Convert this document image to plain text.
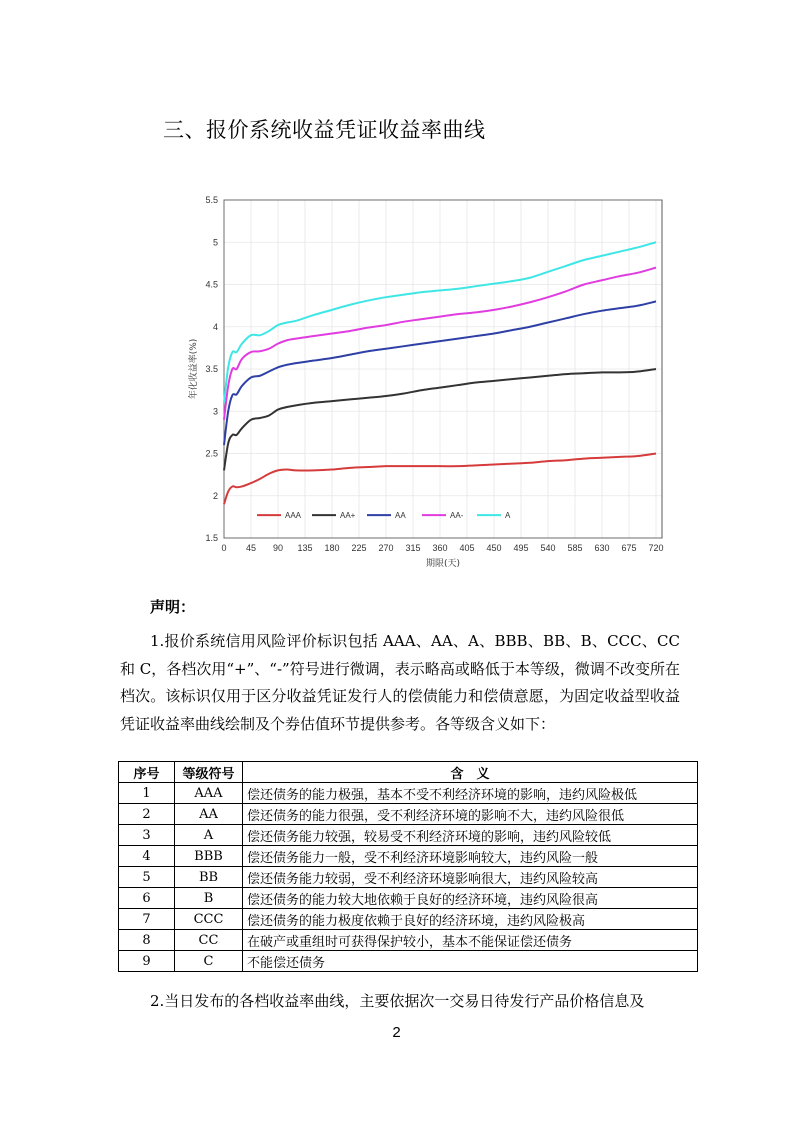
三、报价系统收益凭证收益率曲线
1.5
2
2.5
3
3.5
4
4.5
5
5.5
0 45 90 135 180 225 270 315 360 405 450 495 540 585 630 675 720
期限(天)
年化收益率(%)
AAA	AA+	AA	AA-	A
声明：
1.报价系统信用风险评价标识包括 AAA、AA、A、BBB、BB、B、CCC、CC 和 C，各档次用“+”、“-”符号进行微调，表示略高或略低于本等级，微调不改变所在档次。该标识仅用于区分收益凭证发行人的偿债能力和偿债意愿，为固定收益型收益凭证收益率曲线绘制及个券估值环节提供参考。各等级含义如下：
序号	等级符号	含　义
1	AAA	偿还债务的能力极强，基本不受不利经济环境的影响，违约风险极低
2	AA	偿还债务的能力很强，受不利经济环境的影响不大，违约风险很低
3	A	偿还债务能力较强，较易受不利经济环境的影响，违约风险较低
4	BBB	偿还债务能力一般，受不利经济环境影响较大，违约风险一般
5	BB	偿还债务能力较弱，受不利经济环境影响很大，违约风险较高
6	B	偿还债务的能力较大地依赖于良好的经济环境，违约风险很高
7	CCC	偿还债务的能力极度依赖于良好的经济环境，违约风险极高
8	CC	在破产或重组时可获得保护较小，基本不能保证偿还债务
9	C	不能偿还债务
2.当日发布的各档收益率曲线，主要依据次一交易日待发行产品价格信息及
2
